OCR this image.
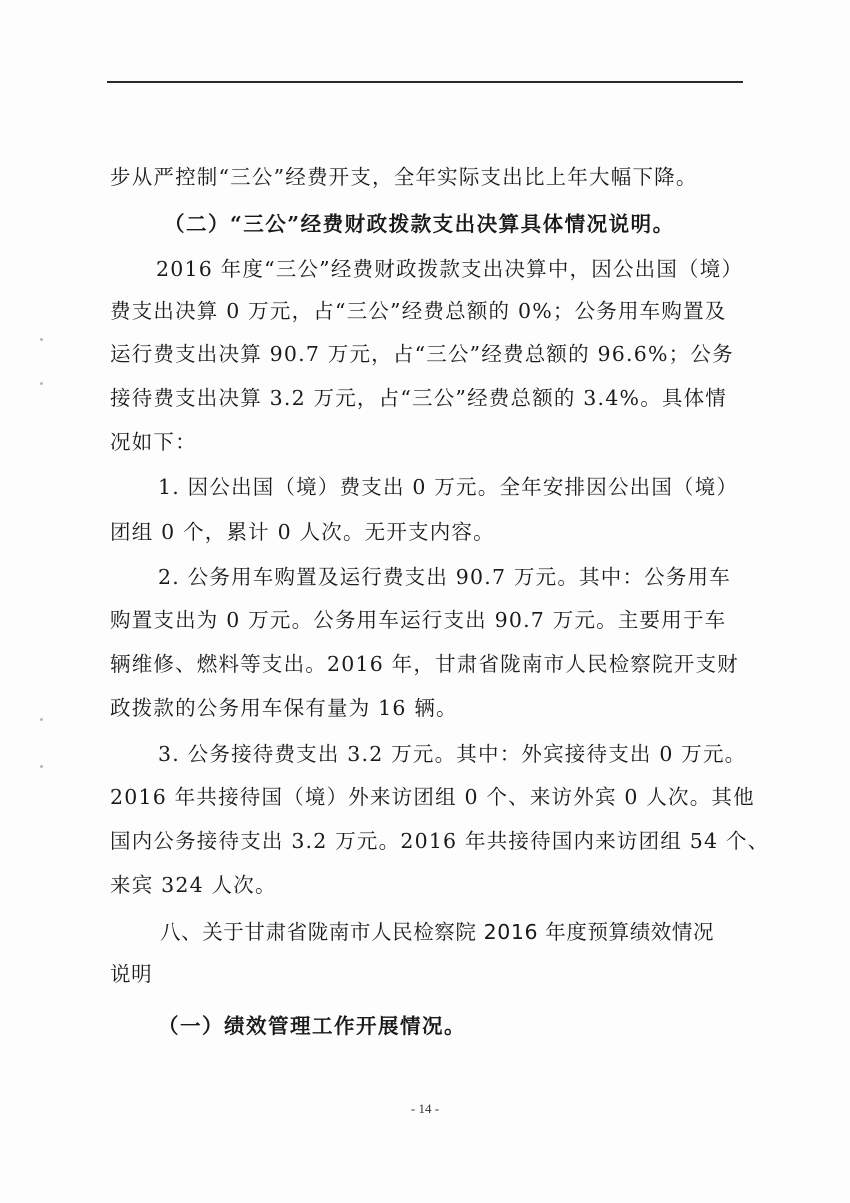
步从严控制“三公”经费开支，全年实际支出比上年大幅下降。
（二）“三公”经费财政拨款支出决算具体情况说明。
2016 年度“三公”经费财政拨款支出决算中，因公出国（境）
费支出决算 0 万元，占“三公”经费总额的 0%；公务用车购置及
运行费支出决算 90.7 万元，占“三公”经费总额的 96.6%；公务
接待费支出决算 3.2 万元，占“三公”经费总额的 3.4%。具体情
况如下：
1. 因公出国（境）费支出 0 万元。全年安排因公出国（境）
团组 0 个，累计 0 人次。无开支内容。
2. 公务用车购置及运行费支出 90.7 万元。其中：公务用车
购置支出为 0 万元。公务用车运行支出 90.7 万元。主要用于车
辆维修、燃料等支出。2016 年，甘肃省陇南市人民检察院开支财
政拨款的公务用车保有量为 16 辆。
3. 公务接待费支出 3.2 万元。其中：外宾接待支出 0 万元。
2016 年共接待国（境）外来访团组 0 个、来访外宾 0 人次。其他
国内公务接待支出 3.2 万元。2016 年共接待国内来访团组 54 个、
来宾 324 人次。
八、关于甘肃省陇南市人民检察院 2016 年度预算绩效情况
说明
（一）绩效管理工作开展情况。
- 14 -
